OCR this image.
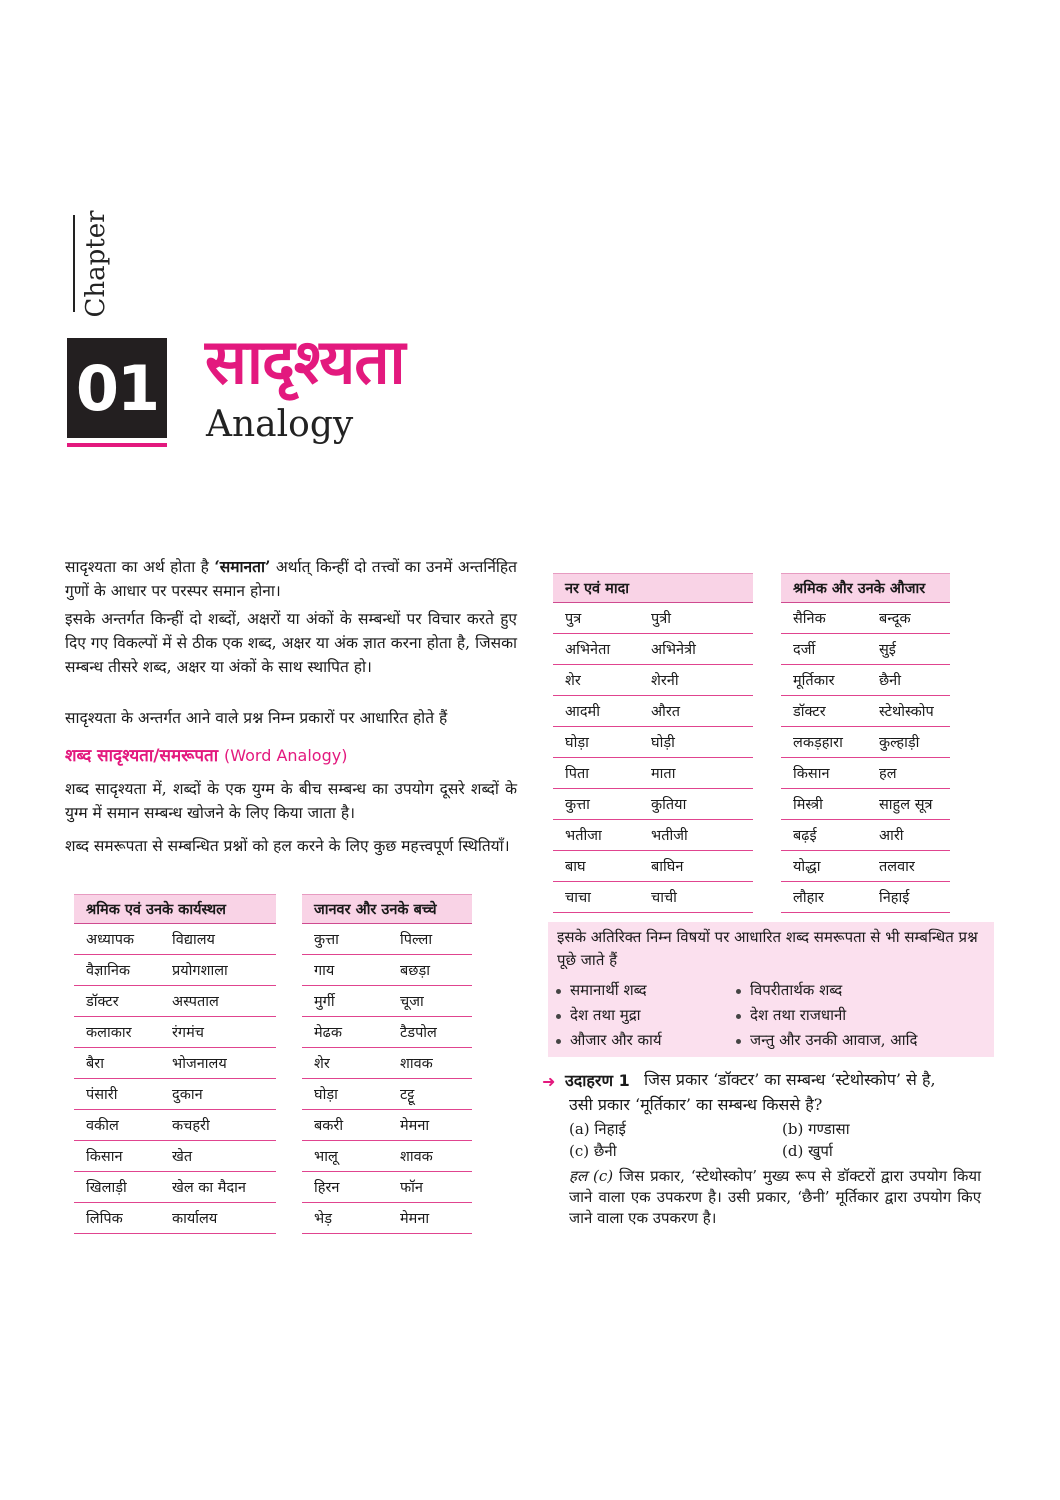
Chapter
01 सादृश्यता
Analogy

सादृश्यता का अर्थ होता है ‘समानता’ अर्थात् किन्हीं दो तत्त्वों का उनमें अन्तर्निहित गुणों के आधार पर परस्पर समान होना।

इसके अन्तर्गत किन्हीं दो शब्दों, अक्षरों या अंकों के सम्बन्धों पर विचार करते हुए दिए गए विकल्पों में से ठीक एक शब्द, अक्षर या अंक ज्ञात करना होता है, जिसका सम्बन्ध तीसरे शब्द, अक्षर या अंकों के साथ स्थापित हो।

सादृश्यता के अन्तर्गत आने वाले प्रश्न निम्न प्रकारों पर आधारित होते हैं

शब्द सादृश्यता/समरूपता (Word Analogy)

शब्द सादृश्यता में, शब्दों के एक युग्म के बीच सम्बन्ध का उपयोग दूसरे शब्दों के युग्म में समान सम्बन्ध खोजने के लिए किया जाता है।

शब्द समरूपता से सम्बन्धित प्रश्नों को हल करने के लिए कुछ महत्त्वपूर्ण स्थितियाँ।

श्रमिक एवं उनके कार्यस्थल
अध्यापक	विद्यालय
वैज्ञानिक	प्रयोगशाला
डॉक्टर	अस्पताल
कलाकार	रंगमंच
बैरा	भोजनालय
पंसारी	दुकान
वकील	कचहरी
किसान	खेत
खिलाड़ी	खेल का मैदान
लिपिक	कार्यालय
जानवर और उनके बच्चे
कुत्ता	पिल्ला
गाय	बछड़ा
मुर्गी	चूजा
मेढक	टैडपोल
शेर	शावक
घोड़ा	टट्टू
बकरी	मेमना
भालू	शावक
हिरन	फॉन
भेड़	मेमना
नर एवं मादा
पुत्र	पुत्री
अभिनेता	अभिनेत्री
शेर	शेरनी
आदमी	औरत
घोड़ा	घोड़ी
पिता	माता
कुत्ता	कुतिया
भतीजा	भतीजी
बाघ	बाघिन
चाचा	चाची
श्रमिक और उनके औजार
सैनिक	बन्दूक
दर्जी	सुई
मूर्तिकार	छैनी
डॉक्टर	स्टेथोस्कोप
लकड़हारा	कुल्हाड़ी
किसान	हल
मिस्त्री	साहुल सूत्र
बढ़ई	आरी
योद्धा	तलवार
लौहार	निहाई

इसके अतिरिक्त निम्न विषयों पर आधारित शब्द समरूपता से भी सम्बन्धित प्रश्न पूछे जाते हैं

समानार्थी शब्द	विपरीतार्थक शब्द
देश तथा मुद्रा	देश तथा राजधानी
औजार और कार्य	जन्तु और उनकी आवाज, आदि
➜ उदाहरण 1 जिस प्रकार ‘डॉक्टर’ का सम्बन्ध ‘स्टेथोस्कोप’ से है,
उसी प्रकार ‘मूर्तिकार’ का सम्बन्ध किससे है?
(a) निहाई	(b) गण्डासा
(c) छैनी	(d) खुर्पा

हल (c) जिस प्रकार, ‘स्टेथोस्कोप’ मुख्य रूप से डॉक्टरों द्वारा उपयोग किया जाने वाला एक उपकरण है। उसी प्रकार, ‘छैनी’ मूर्तिकार द्वारा उपयोग किए जाने वाला एक उपकरण है।
